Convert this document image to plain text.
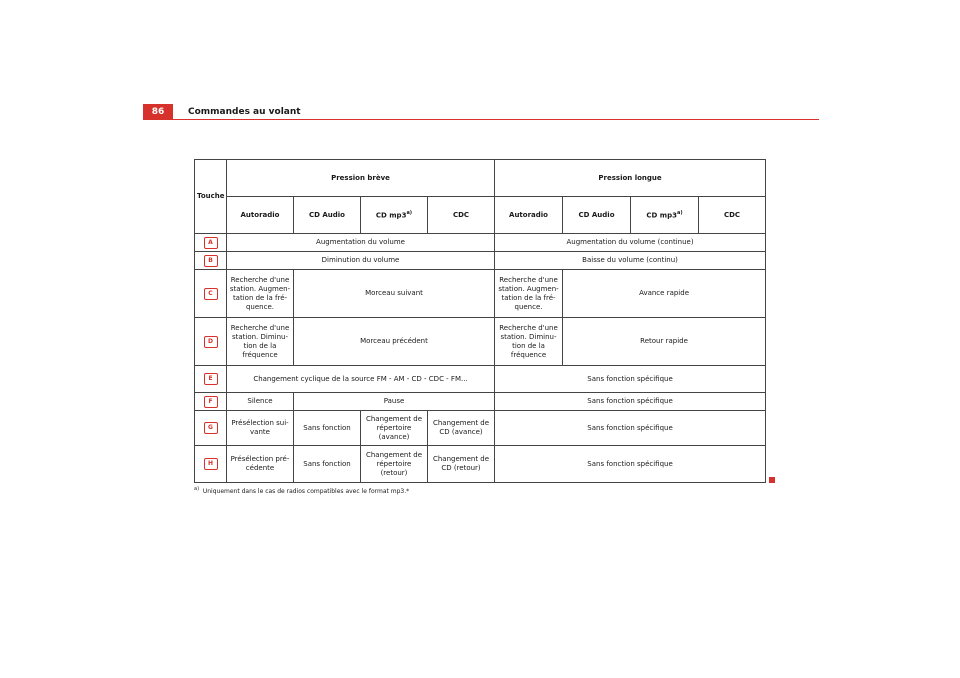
86	Commandes au volant
Touche	Pression brève				Pression longue			
	Autoradio	CD Audio	CD mp3$^{a)}$	CDC	Autoradio	CD Audio	CD mp3$^{a)}$	CDC
A	Augmentation du volume				Augmentation du volume (continue)			
B	Diminution du volume				Baisse du volume (continu)			
C	Recherche d'une station. Augmen-tation de la fré-quence.	Morceau suivant			Recherche d'une station. Augmen-tation de la fré-quence.	Avance rapide		
D	Recherche d'une station. Diminu-tion de la fréquence	Morceau précédent			Recherche d'une station. Diminu-tion de la fréquence	Retour rapide		
E	Changement cyclique de la source FM - AM - CD - CDC - FM...				Sans fonction spécifique			
F	Silence	Pause			Sans fonction spécifique			
G	Présélection sui-vante	Sans fonction	Changement de répertoire (avance)	Changement de CD (avance)	Sans fonction spécifique			
H	Présélection pré-cédente	Sans fonction	Changement de répertoire (retour)	Changement de CD (retour)	Sans fonction spécifique			
$^{a)}$ Uniquement dans le cas de radios compatibles avec le format mp3.*
